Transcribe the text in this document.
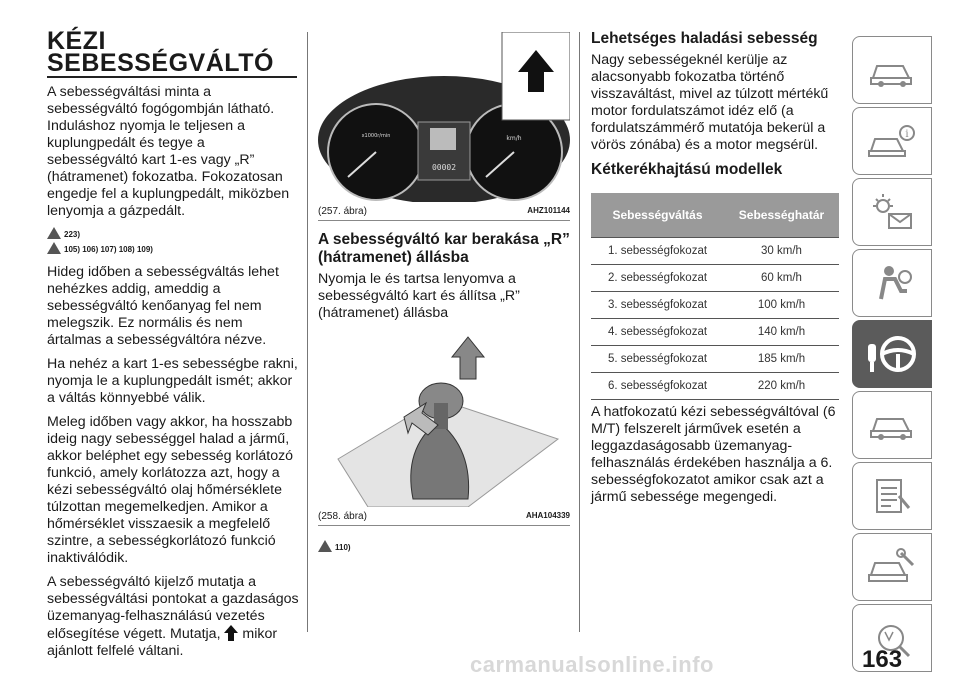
KÉZI
SEBESSÉGVÁLTÓ

A sebességváltási minta a sebességváltó fogógombján látható. Induláshoz nyomja le teljesen a kuplungpedált és tegye a sebességváltó kart 1-es vagy „R” (hátramenet) fokozatba. Fokozatosan engedje fel a kuplungpedált, miközben lenyomja a gázpedált.

223)
105) 106) 107) 108) 109)

Hideg időben a sebességváltás lehet nehézkes addig, ameddig a sebességváltó kenőanyag fel nem melegszik. Ez normális és nem ártalmas a sebességváltóra nézve.

Ha nehéz a kart 1-es sebességbe rakni, nyomja le a kuplungpedált ismét; akkor a váltás könnyebbé válik.

Meleg időben vagy akkor, ha hosszabb ideig nagy sebességgel halad a jármű, akkor beléphet egy sebesség korlátozó funkció, amely korlátozza azt, hogy a kézi sebességváltó olaj hőmérséklete túlzottan megemelkedjen. Amikor a hőmérséklet visszaesik a megfelelő szintre, a sebességkorlátozó funkció inaktiválódik.

A sebességváltó kijelző mutatja a sebességváltási pontokat a gazdaságos üzemanyag-felhasználású vezetés elősegítése végett. Mutatja, mikor ajánlott felfelé váltani.

x1000r/min	km/h
00002
(257. ábra)	AHZ101144
A sebességváltó kar berakása „R” (hátramenet) állásba

Nyomja le és tartsa lenyomva a sebességváltó kart és állítsa „R” (hátramenet) állásba

(258. ábra)	AHA104339
110)
Lehetséges haladási sebesség

Nagy sebességeknél kerülje az alacsonyabb fokozatba történő visszaváltást, mivel az túlzott mértékű motor fordulatszámot idéz elő (a fordulatszámmérő mutatója bekerül a vörös zónába) és a motor megsérül.

Kétkerékhajtású modellek
Sebességváltás	Sebességhatár
1. sebességfokozat	30 km/h
2. sebességfokozat	60 km/h
3. sebességfokozat	100 km/h
4. sebességfokozat	140 km/h
5. sebességfokozat	185 km/h
6. sebességfokozat	220 km/h

A hatfokozatú kézi sebességváltóval (6 M/T) felszerelt járművek esetén a leggazdaságosabb üzemanyag-felhasználás érdekében használja a 6. sebességfokozatot amikor csak azt a jármű sebessége megengedi.

i
163
carmanualsonline.info
